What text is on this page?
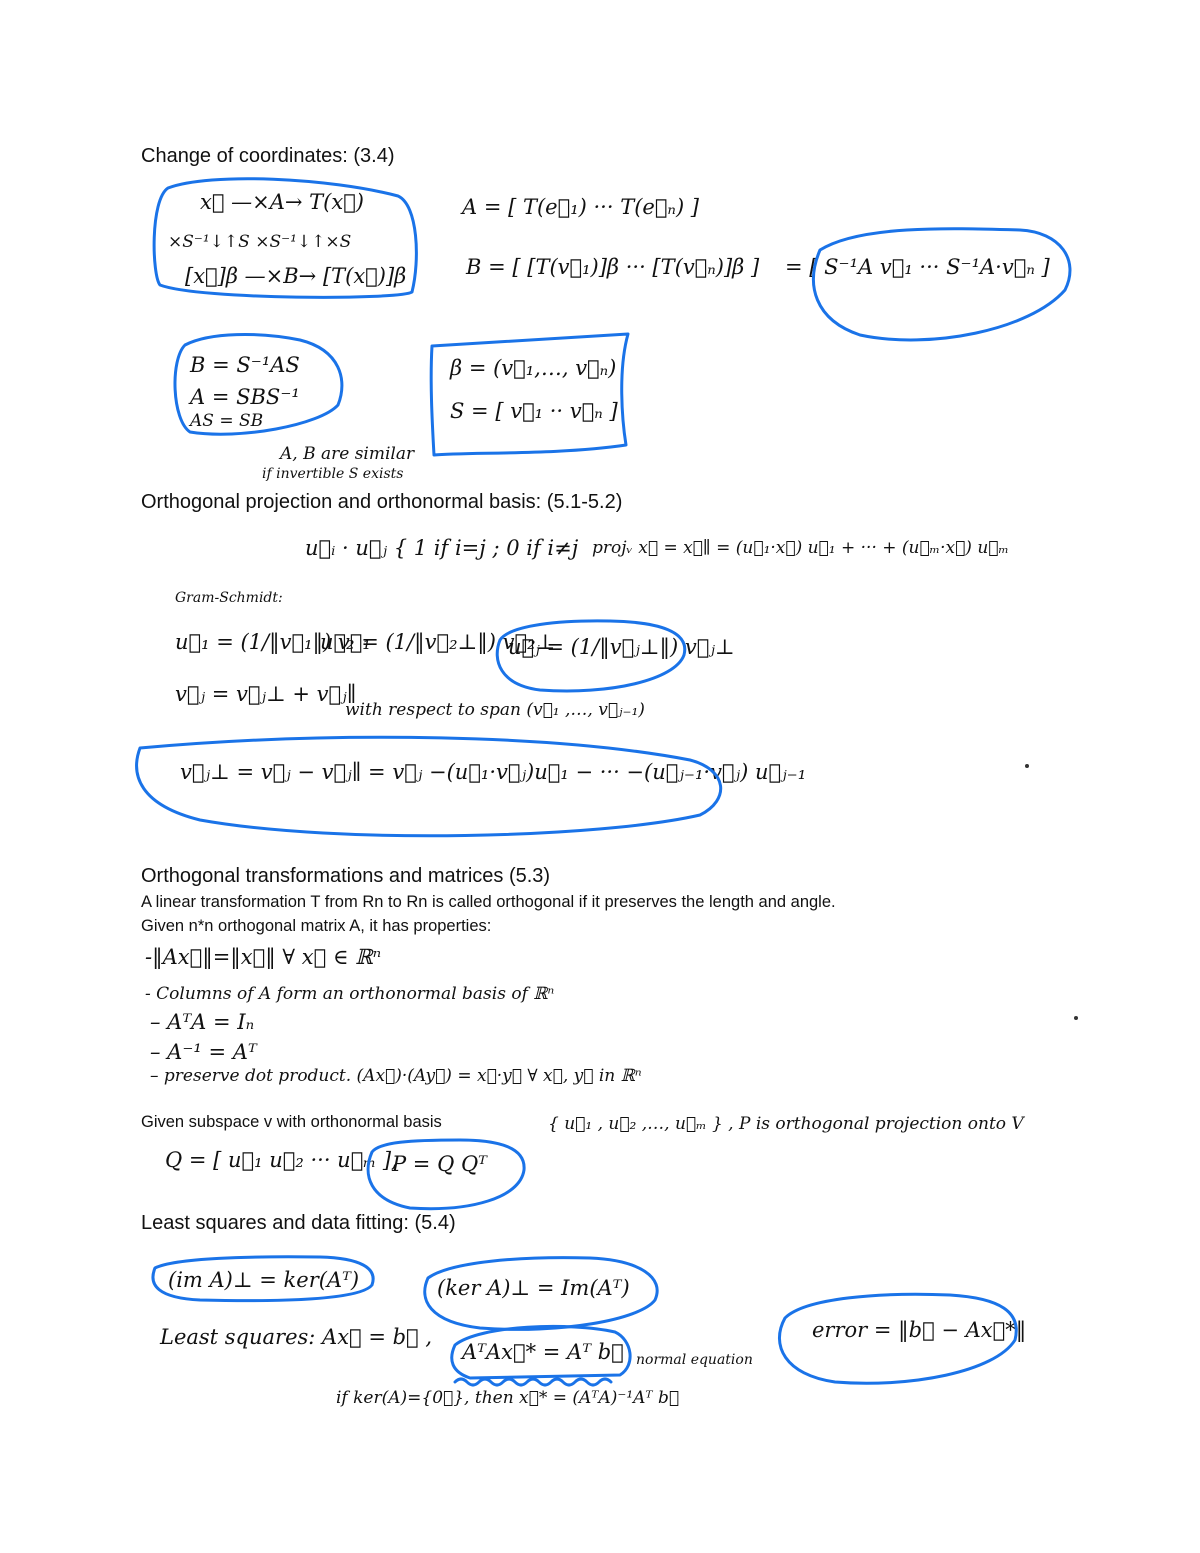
Change of coordinates: (3.4)
Orthogonal projection and orthonormal basis: (5.1-5.2)
Orthogonal transformations and matrices (5.3)
A linear transformation T from Rn to Rn is called orthogonal if it preserves the length and angle.
Given n*n orthogonal matrix A, it has properties:
Given subspace v with orthonormal basis
Least squares and data fitting: (5.4)
x⃗ —×A→ T(x⃗)
×S⁻¹↓↑S ×S⁻¹↓↑×S
[x⃗]β —×B→ [T(x⃗)]β
A = [ T(e⃗₁) ··· T(e⃗ₙ) ]
B = [ [T(v⃗₁)]β ··· [T(v⃗ₙ)]β ] = [ S⁻¹A v⃗₁ ··· S⁻¹A·v⃗ₙ ]
B = S⁻¹AS
A = SBS⁻¹
AS = SB
β = (v⃗₁,…, v⃗ₙ)
S = [ v⃗₁ ·· v⃗ₙ ]
A, B are similar
if invertible S exists
u⃗ᵢ · u⃗ⱼ { 1 if i=j ; 0 if i≠j projᵥ x⃗ = x⃗∥ = (u⃗₁·x⃗) u⃗₁ + ··· + (u⃗ₘ·x⃗) u⃗ₘ
Gram-Schmidt:
u⃗₁ = (1/‖v⃗₁‖) v⃗₁
u⃗₂ = (1/‖v⃗₂⊥‖) v⃗₂⊥
u⃗ⱼ = (1/‖v⃗ⱼ⊥‖) v⃗ⱼ⊥
v⃗ⱼ = v⃗ⱼ⊥ + v⃗ⱼ∥
with respect to span (v⃗₁ ,…, v⃗ⱼ₋₁)
v⃗ⱼ⊥ = v⃗ⱼ − v⃗ⱼ∥ = v⃗ⱼ −(u⃗₁·v⃗ⱼ)u⃗₁ − ··· −(u⃗ⱼ₋₁·v⃗ⱼ) u⃗ⱼ₋₁
-‖Ax⃗‖=‖x⃗‖ ∀ x⃗ ∈ ℝⁿ
- Columns of A form an orthonormal basis of ℝⁿ
– AᵀA = Iₙ
– A⁻¹ = Aᵀ
– preserve dot product. (Ax⃗)·(Ay⃗) = x⃗·y⃗ ∀ x⃗, y⃗ in ℝⁿ
{ u⃗₁ , u⃗₂ ,…, u⃗ₘ } , P is orthogonal projection onto V
Q = [ u⃗₁ u⃗₂ ··· u⃗ₘ ],
P = Q Qᵀ
(im A)⊥ = ker(Aᵀ)	(ker A)⊥ = Im(Aᵀ)
error = ‖b⃗ − Ax⃗*‖
Least squares: Ax⃗ = b⃗ ,
AᵀAx⃗* = Aᵀ b⃗ normal equation
if ker(A)={0⃗}, then x⃗* = (AᵀA)⁻¹Aᵀ b⃗
